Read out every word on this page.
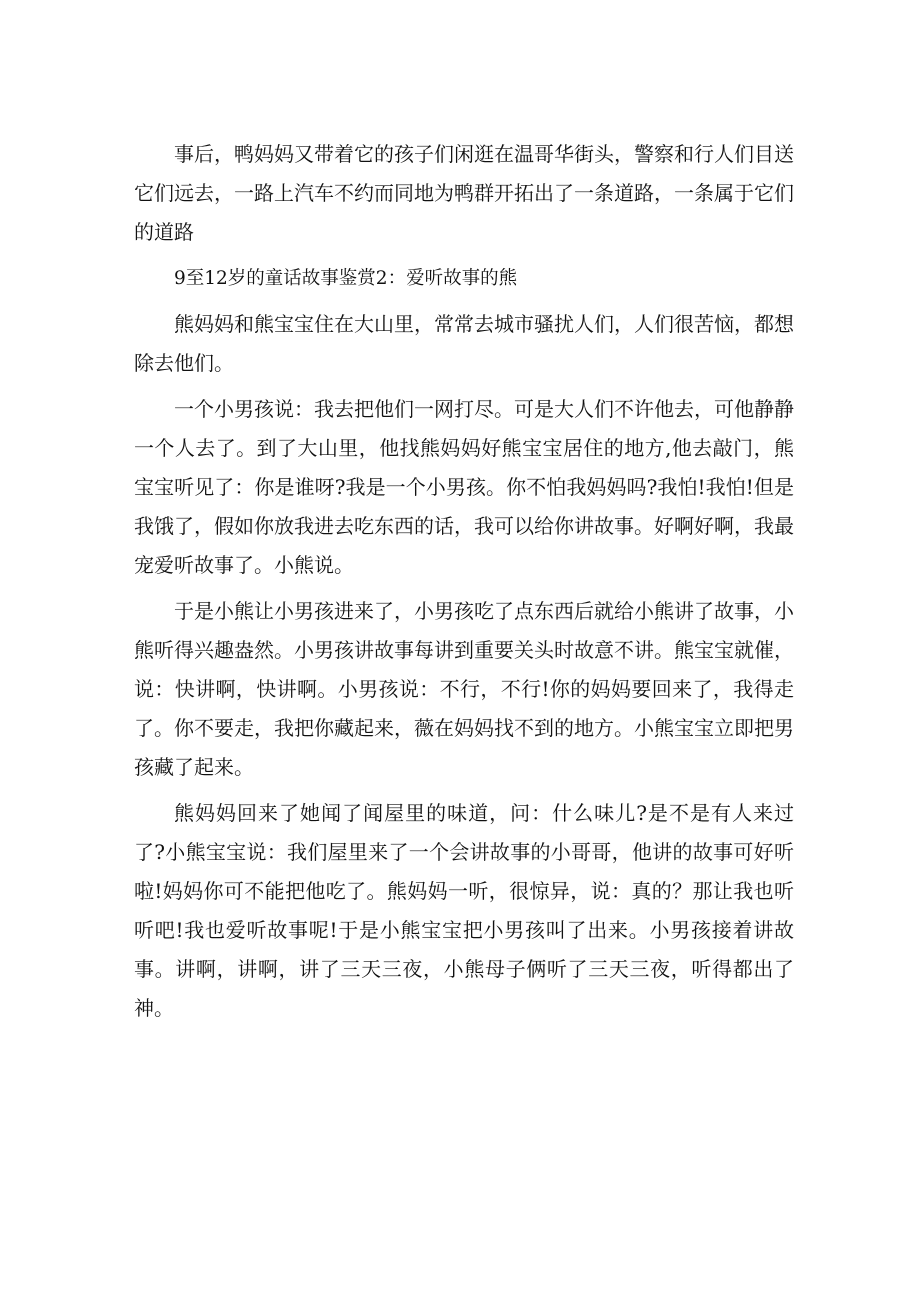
事后，鸭妈妈又带着它的孩子们闲逛在温哥华街头，警察和行人们目送它们远去，一路上汽车不约而同地为鸭群开拓出了一条道路，一条属于它们的道路

9至12岁的童话故事鉴赏2：爱听故事的熊

熊妈妈和熊宝宝住在大山里，常常去城市骚扰人们，人们很苦恼，都想除去他们。

一个小男孩说：我去把他们一网打尽。可是大人们不许他去，可他静静一个人去了。到了大山里，他找熊妈妈好熊宝宝居住的地方,他去敲门，熊宝宝听见了：你是谁呀?我是一个小男孩。你不怕我妈妈吗?我怕!我怕!但是我饿了，假如你放我进去吃东西的话，我可以给你讲故事。好啊好啊，我最宠爱听故事了。小熊说。

于是小熊让小男孩进来了，小男孩吃了点东西后就给小熊讲了故事，小熊听得兴趣盎然。小男孩讲故事每讲到重要关头时故意不讲。熊宝宝就催，说：快讲啊，快讲啊。小男孩说：不行，不行!你的妈妈要回来了，我得走了。你不要走，我把你藏起来，薇在妈妈找不到的地方。小熊宝宝立即把男孩藏了起来。

熊妈妈回来了她闻了闻屋里的味道，问：什么味儿?是不是有人来过了?小熊宝宝说：我们屋里来了一个会讲故事的小哥哥，他讲的故事可好听啦!妈妈你可不能把他吃了。熊妈妈一听，很惊异，说：真的？那让我也听听吧!我也爱听故事呢!于是小熊宝宝把小男孩叫了出来。小男孩接着讲故事。讲啊，讲啊，讲了三天三夜，小熊母子俩听了三天三夜，听得都出了神。
